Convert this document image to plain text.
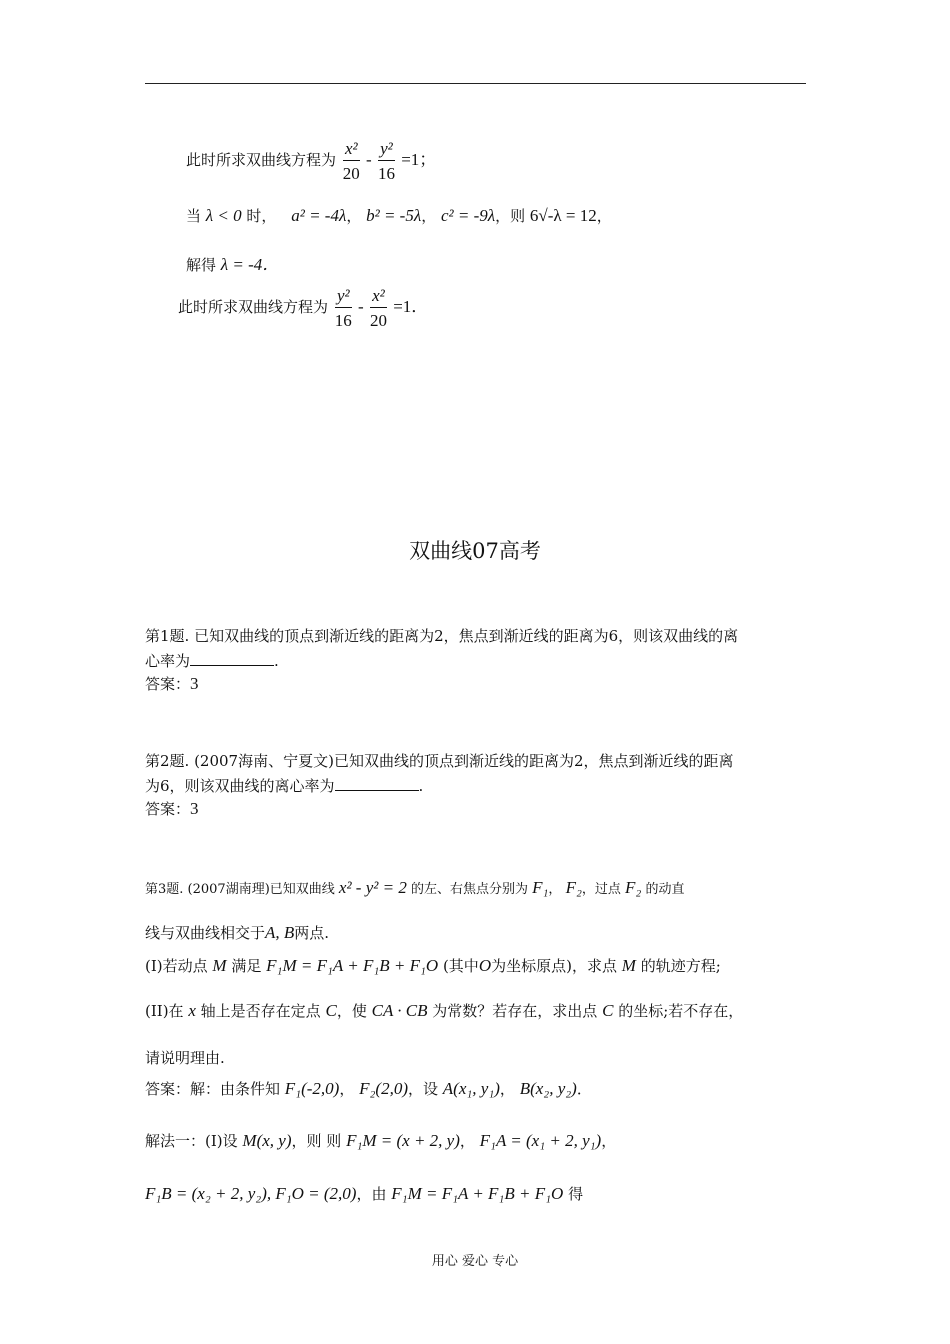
此时所求双曲线方程为 $\frac{\text{x²}}{20} - \frac{\text{y²}}{16} =1$；
当 λ < 0 时， a² = -4λ， b² = -5λ， c² = -9λ，则 6√-λ = 12，
解得 λ = -4．
此时所求双曲线方程为 $\frac{\text{y²}}{16} - \frac{\text{x²}}{20} =1$．
双曲线07高考
第1题. 已知双曲线的顶点到渐近线的距离为2，焦点到渐近线的距离为6，则该双曲线的离
心率为	.
答案：3
第2题. (2007海南、宁夏文)已知双曲线的顶点到渐近线的距离为2，焦点到渐近线的距离
为6，则该双曲线的离心率为	.
答案：3
第3题. (2007湖南理)已知双曲线 x² - y² = 2 的左、右焦点分别为 F₁， F₂，过点 F₂ 的动直
线与双曲线相交于A, B两点.
(I)若动点 M 满足 F₁M = F₁A + F₁B + F₁O (其中O为坐标原点)，求点 M 的轨迹方程;
(II)在 x 轴上是否存在定点 C，使 CA · CB 为常数？若存在，求出点 C 的坐标;若不存在，
请说明理由.
答案：解：由条件知 F₁(-2,0)， F₂(2,0)，设 A(x₁, y₁)， B(x₂, y₂)．
解法一：(I)设 M(x, y)，则 则 F₁M = (x + 2, y)， F₁A = (x₁ + 2, y₁)，
F₁B = (x₂ + 2, y₂), F₁O = (2,0)，由 F₁M = F₁A + F₁B + F₁O 得
用心 爱心 专心
